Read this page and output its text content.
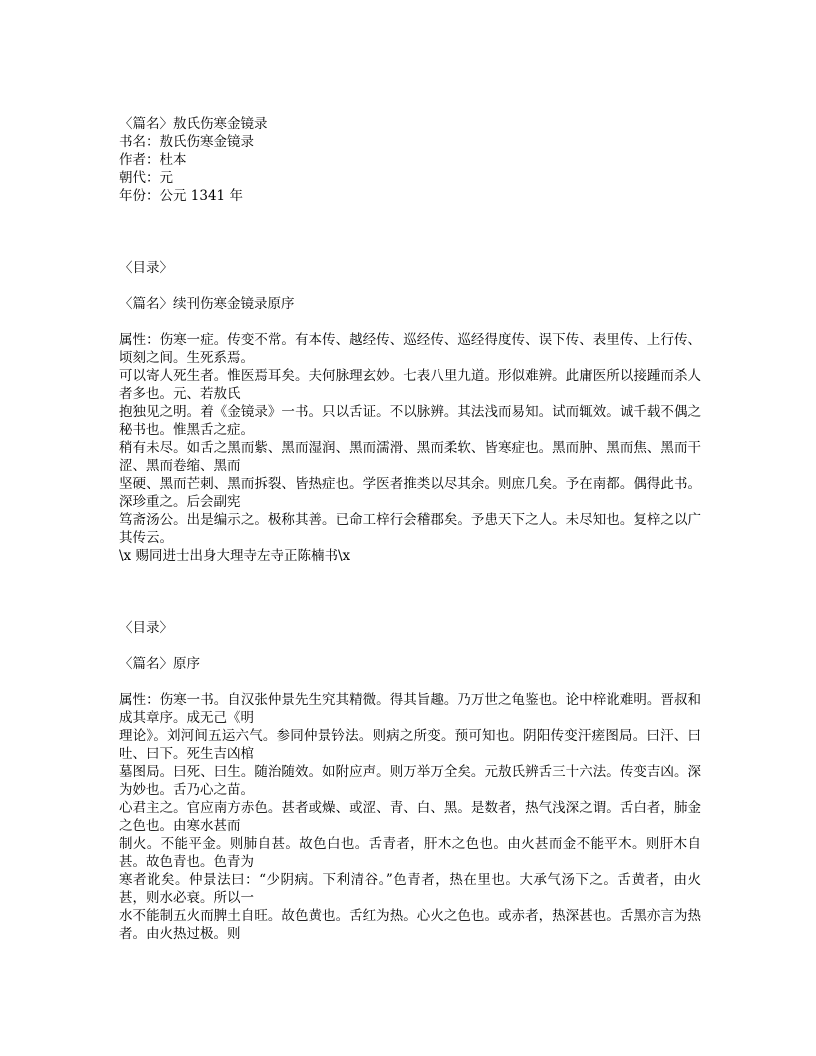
〈篇名〉敖氏伤寒金镜录
书名：敖氏伤寒金镜录
作者：杜本
朝代：元
年份：公元 1341 年
〈目录〉
〈篇名〉续刊伤寒金镜录原序
属性：伤寒一症。传变不常。有本传、越经传、巡经传、巡经得度传、误下传、表里传、上行传、顷刻之间。生死系焉。
可以寄人死生者。惟医焉耳矣。夫何脉理玄妙。七表八里九道。形似难辨。此庸医所以接踵而杀人者多也。元、若敖氏
抱独见之明。着《金镜录》一书。只以舌证。不以脉辨。其法浅而易知。试而辄效。诚千载不偶之秘书也。惟黑舌之症。
稍有未尽。如舌之黑而紫、黑而湿润、黑而濡滑、黑而柔软、皆寒症也。黑而肿、黑而焦、黑而干涩、黑而卷缩、黑而
坚硬、黑而芒刺、黑而拆裂、皆热症也。学医者推类以尽其余。则庶几矣。予在南都。偶得此书。深珍重之。后会副宪
笃斋汤公。出是编示之。极称其善。已命工梓行会稽郡矣。予患天下之人。未尽知也。复梓之以广其传云。
\x 赐同进士出身大理寺左寺正陈楠书\x
〈目录〉
〈篇名〉原序
属性：伤寒一书。自汉张仲景先生究其精微。得其旨趣。乃万世之龟鉴也。论中梓讹难明。晋叔和成其章序。成无己《明
理论》。刘河间五运六气。参同仲景钤法。则病之所变。预可知也。阴阳传变汗瘥图局。曰汗、曰吐、曰下。死生吉凶棺
墓图局。曰死、曰生。随治随效。如附应声。则万举万全矣。元敖氏辨舌三十六法。传变吉凶。深为妙也。舌乃心之苗。
心君主之。官应南方赤色。甚者或燥、或涩、青、白、黑。是数者，热气浅深之谓。舌白者，肺金之色也。由寒水甚而
制火。不能平金。则肺自甚。故色白也。舌青者，肝木之色也。由火甚而金不能平木。则肝木自甚。故色青也。色青为
寒者讹矣。仲景法曰：“少阴病。下利清谷。”色青者，热在里也。大承气汤下之。舌黄者，由火甚，则水必衰。所以一
水不能制五火而脾土自旺。故色黄也。舌红为热。心火之色也。或赤者，热深甚也。舌黑亦言为热者。由火热过极。则
